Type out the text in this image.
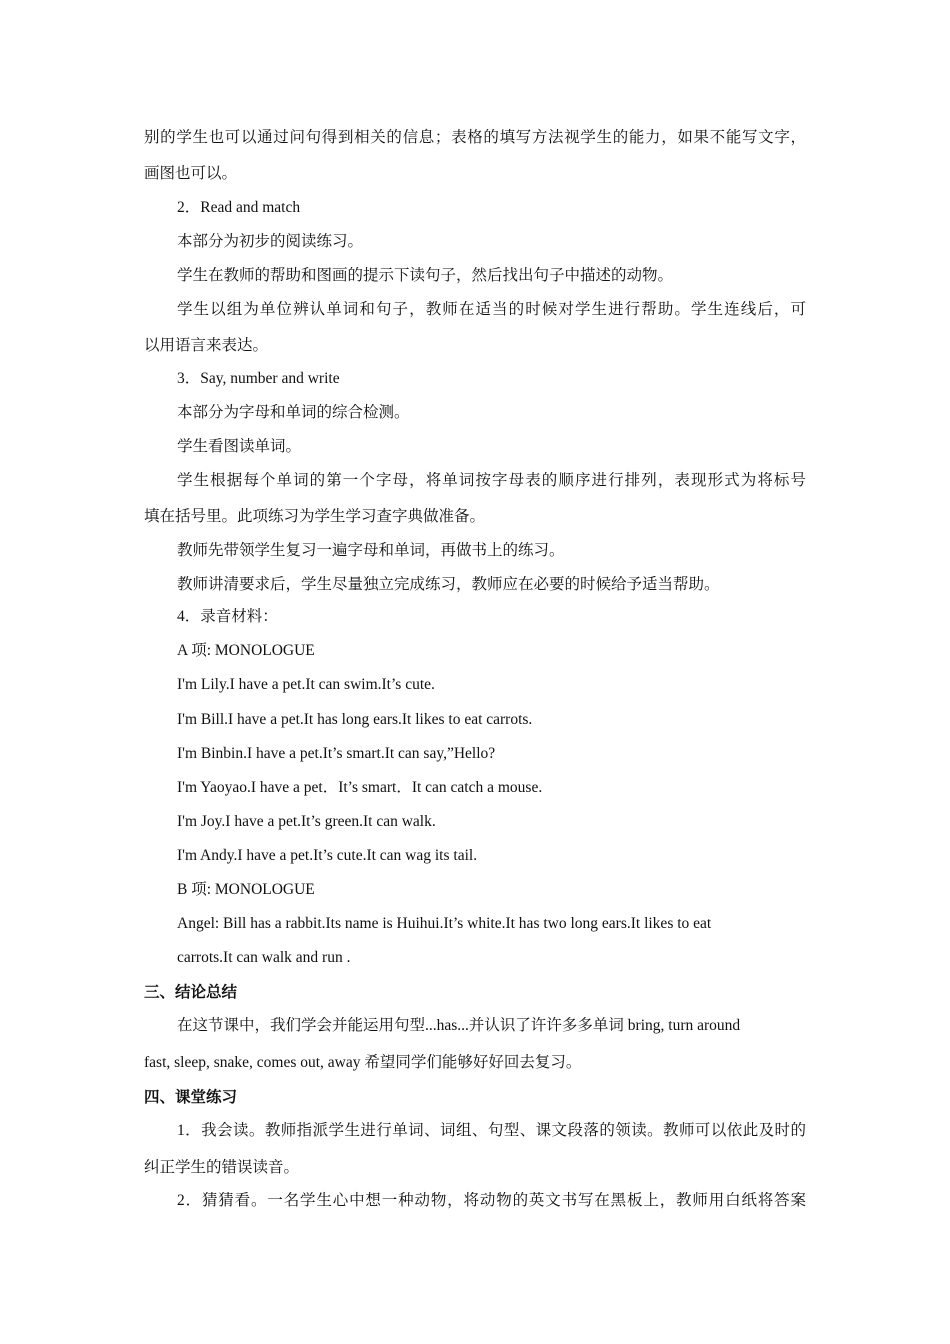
别的学生也可以通过问句得到相关的信息；表格的填写方法视学生的能力，如果不能写文字，

画图也可以。

2．Read and match

本部分为初步的阅读练习。

学生在教师的帮助和图画的提示下读句子，然后找出句子中描述的动物。

学生以组为单位辨认单词和句子，教师在适当的时候对学生进行帮助。学生连线后，可

以用语言来表达。

3．Say, number and write

本部分为字母和单词的综合检测。

学生看图读单词。

学生根据每个单词的第一个字母，将单词按字母表的顺序进行排列，表现形式为将标号

填在括号里。此项练习为学生学习查字典做准备。

教师先带领学生复习一遍字母和单词，再做书上的练习。

教师讲清要求后，学生尽量独立完成练习，教师应在必要的时候给予适当帮助。

4．录音材料：

A 项: MONOLOGUE

I'm Lily.I have a pet.It can swim.It’s cute.

I'm Bill.I have a pet.It has long ears.It likes to eat carrots.

I'm Binbin.I have a pet.It’s smart.It can say,”Hello?

I'm Yaoyao.I have a pet．It’s smart．It can catch a mouse.

I'm Joy.I have a pet.It’s green.It can walk.

I'm Andy.I have a pet.It’s cute.It can wag its tail.

B 项: MONOLOGUE

Angel: Bill has a rabbit.Its name is Huihui.It’s white.It has two long ears.It likes to eat

carrots.It can walk and run .

三、结论总结

在这节课中，我们学会并能运用句型...has...并认识了许许多多单词 bring, turn around

fast, sleep, snake, comes out, away 希望同学们能够好好回去复习。

四、课堂练习

1．我会读。教师指派学生进行单词、词组、句型、课文段落的领读。教师可以依此及时的

纠正学生的错误读音。

2．猜猜看。一名学生心中想一种动物，将动物的英文书写在黑板上，教师用白纸将答案
